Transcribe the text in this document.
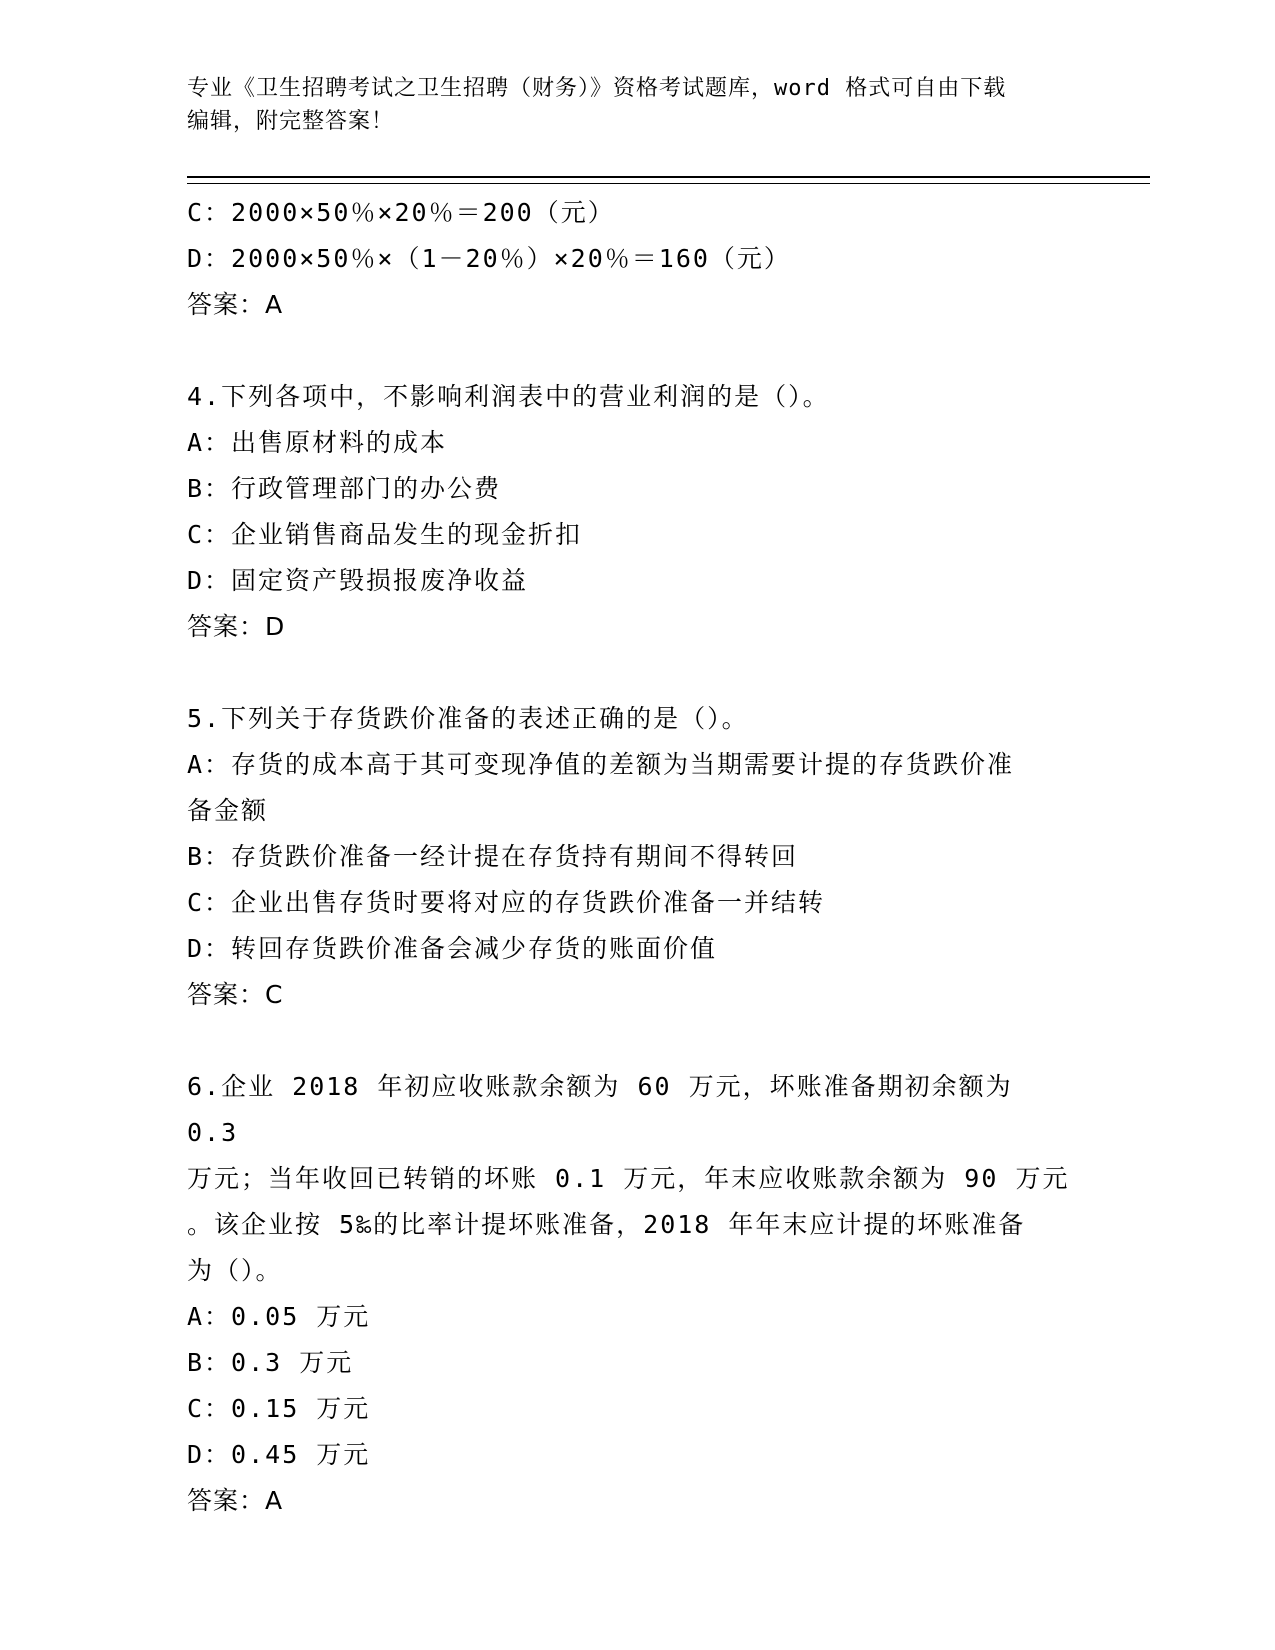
专业《卫生招聘考试之卫生招聘（财务）》资格考试题库，word 格式可自由下载
编辑，附完整答案！
C：2000×50％×20％＝200（元）
D：2000×50％×（1－20％）×20％＝160（元）
答案：A
4.下列各项中，不影响利润表中的营业利润的是（）。
A：出售原材料的成本
B：行政管理部门的办公费
C：企业销售商品发生的现金折扣
D：固定资产毁损报废净收益
答案：D
5.下列关于存货跌价准备的表述正确的是（）。
A：存货的成本高于其可变现净值的差额为当期需要计提的存货跌价准
备金额
B：存货跌价准备一经计提在存货持有期间不得转回
C：企业出售存货时要将对应的存货跌价准备一并结转
D：转回存货跌价准备会减少存货的账面价值
答案：C
6.企业 2018 年初应收账款余额为 60 万元，坏账准备期初余额为 0.3
万元；当年收回已转销的坏账 0.1 万元，年末应收账款余额为 90 万元
。该企业按 5‰的比率计提坏账准备，2018 年年末应计提的坏账准备
为（）。
A：0.05 万元
B：0.3 万元
C：0.15 万元
D：0.45 万元
答案：A
